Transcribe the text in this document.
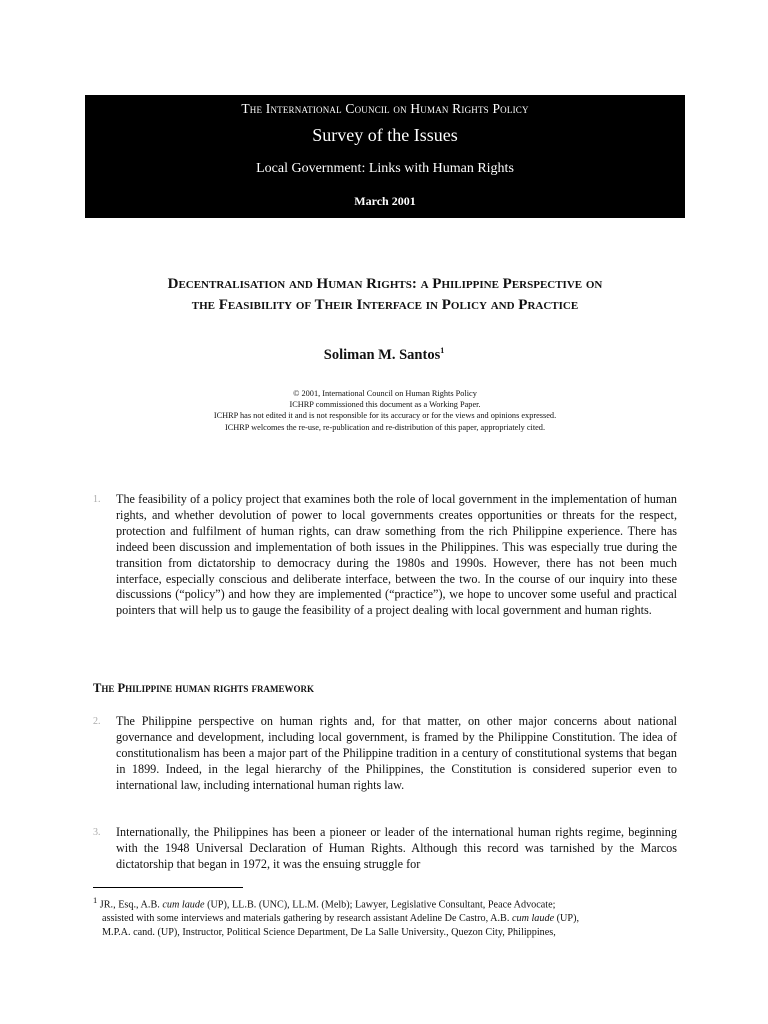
The International Council on Human Rights Policy
Survey of the Issues
Local Government: Links with Human Rights
March 2001
Decentralisation and Human Rights: a Philippine Perspective on
the Feasibility of Their Interface in Policy and Practice
Soliman M. Santos$^1$
© 2001, International Council on Human Rights Policy
ICHRP commissioned this document as a Working Paper.
ICHRP has not edited it and is not responsible for its accuracy or for the views and opinions expressed.
ICHRP welcomes the re-use, re-publication and re-distribution of this paper, appropriately cited.
1. The feasibility of a policy project that examines both the role of local government in the implementation of human rights, and whether devolution of power to local governments creates opportunities or threats for the respect, protection and fulfilment of human rights, can draw something from the rich Philippine experience. There has indeed been discussion and implementation of both issues in the Philippines. This was especially true during the transition from dictatorship to democracy during the 1980s and 1990s. However, there has not been much interface, especially conscious and deliberate interface, between the two. In the course of our inquiry into these discussions (“policy”) and how they are implemented (“practice”), we hope to uncover some useful and practical pointers that will help us to gauge the feasibility of a project dealing with local government and human rights.
The Philippine human rights framework
2. The Philippine perspective on human rights and, for that matter, on other major concerns about national governance and development, including local government, is framed by the Philippine Constitution. The idea of constitutionalism has been a major part of the Philippine tradition in a century of constitutional systems that began in 1899. Indeed, in the legal hierarchy of the Philippines, the Constitution is considered superior even to international law, including international human rights law.
3. Internationally, the Philippines has been a pioneer or leader of the international human rights regime, beginning with the 1948 Universal Declaration of Human Rights. Although this record was tarnished by the Marcos dictatorship that began in 1972, it was the ensuing struggle for
$^1$ JR., Esq., A.B. cum laude (UP), LL.B. (UNC), LL.M. (Melb); Lawyer, Legislative Consultant, Peace Advocate;
assisted with some interviews and materials gathering by research assistant Adeline De Castro, A.B. cum laude (UP),
M.P.A. cand. (UP), Instructor, Political Science Department, De La Salle University., Quezon City, Philippines,
